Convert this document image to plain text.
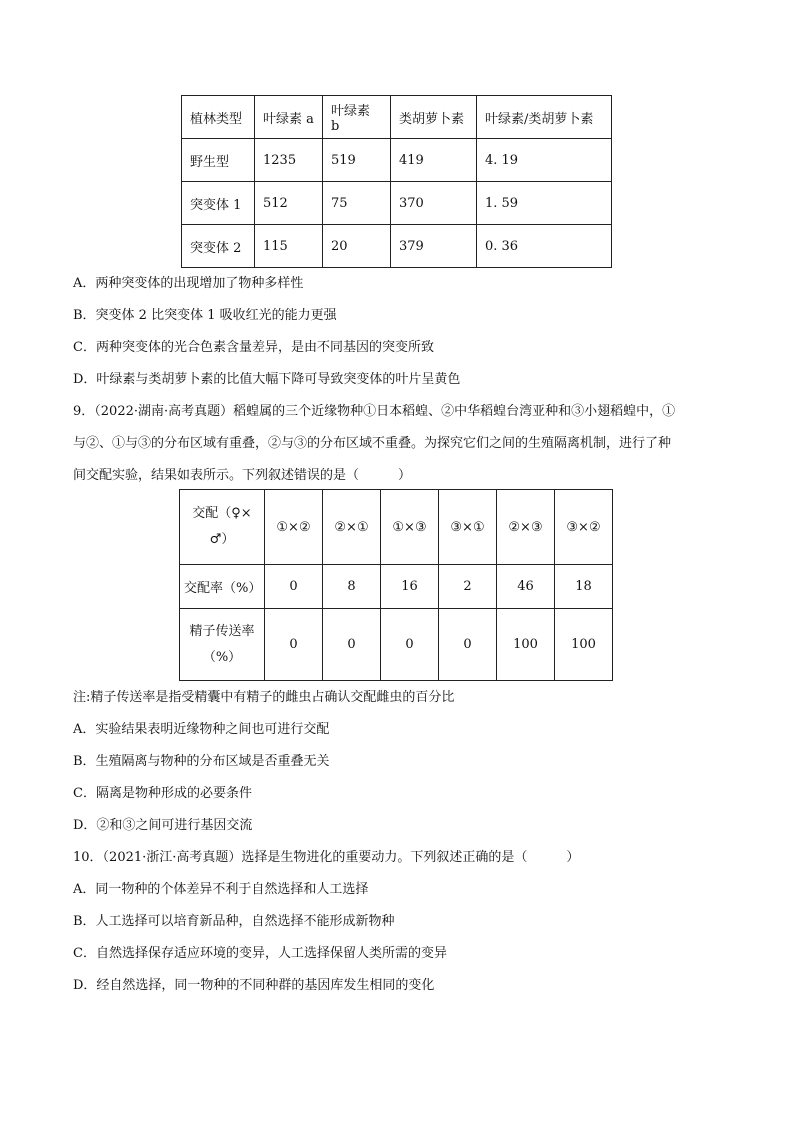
植林类型	叶绿素 a	叶绿素 b	类胡萝卜素	叶绿素/类胡萝卜素
野生型	1235	519	419	4. 19
突变体 1	512	75	370	1. 59
突变体 2	115	20	379	0. 36
A．两种突变体的出现增加了物种多样性
B．突变体 2 比突变体 1 吸收红光的能力更强
C．两种突变体的光合色素含量差异，是由不同基因的突变所致
D．叶绿素与类胡萝卜素的比值大幅下降可导致突变体的叶片呈黄色
9．（2022·湖南·高考真题）稻蝗属的三个近缘物种①日本稻蝗、②中华稻蝗台湾亚种和③小翅稻蝗中，①
与②、①与③的分布区域有重叠，②与③的分布区域不重叠。为探究它们之间的生殖隔离机制，进行了种
间交配实验，结果如表所示。下列叙述错误的是（　　　）
交配（♀×
♂）	①×②	②×①	①×③	③×①	②×③	③×②
交配率（%）	0	8	16	2	46	18

精子传送率
（%）	0	0	0	0	100	100
注:精子传送率是指受精囊中有精子的雌虫占确认交配雌虫的百分比
A．实验结果表明近缘物种之间也可进行交配
B．生殖隔离与物种的分布区域是否重叠无关
C．隔离是物种形成的必要条件
D．②和③之间可进行基因交流
10．（2021·浙江·高考真题）选择是生物进化的重要动力。下列叙述正确的是（　　　）
A．同一物种的个体差异不利于自然选择和人工选择
B．人工选择可以培育新品种，自然选择不能形成新物种
C．自然选择保存适应环境的变异，人工选择保留人类所需的变异
D．经自然选择，同一物种的不同种群的基因库发生相同的变化
